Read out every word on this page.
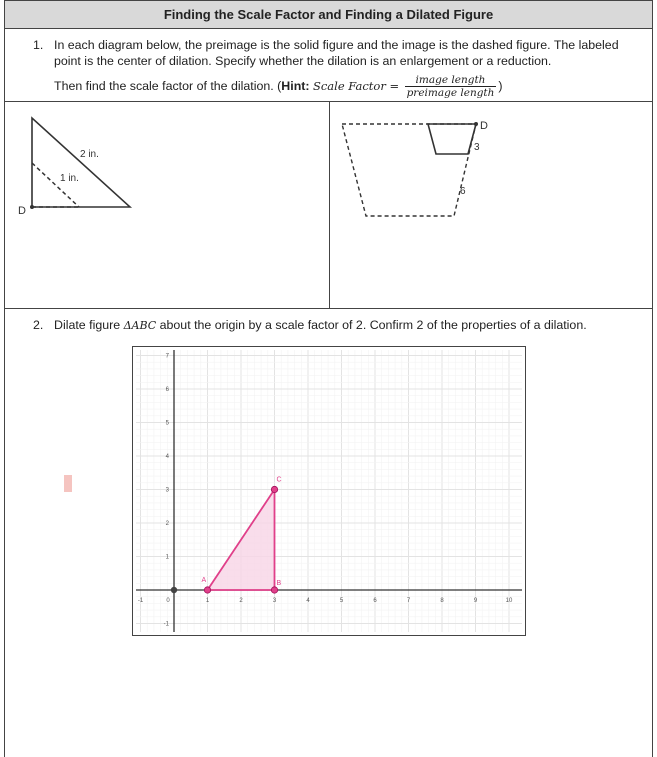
Finding the Scale Factor and Finding a Dilated Figure
1. In each diagram below, the preimage is the solid figure and the image is the dashed figure. The labeled point is the center of dilation. Specify whether the dilation is an enlargement or a reduction.
Then find the scale factor of the dilation. (Hint: Scale Factor = $\frac{\text{image length}}{\text{preimage length}}$ )
2 in.
1 in.
D
D
3
6
2. Dilate figure ΔABC about the origin by a scale factor of 2. Confirm 2 of the properties of a dilation.
-1	0	1	2	3	4	5	6	7	8	9	10
-1
1
2
3
4
5
6
7
A	B
C
